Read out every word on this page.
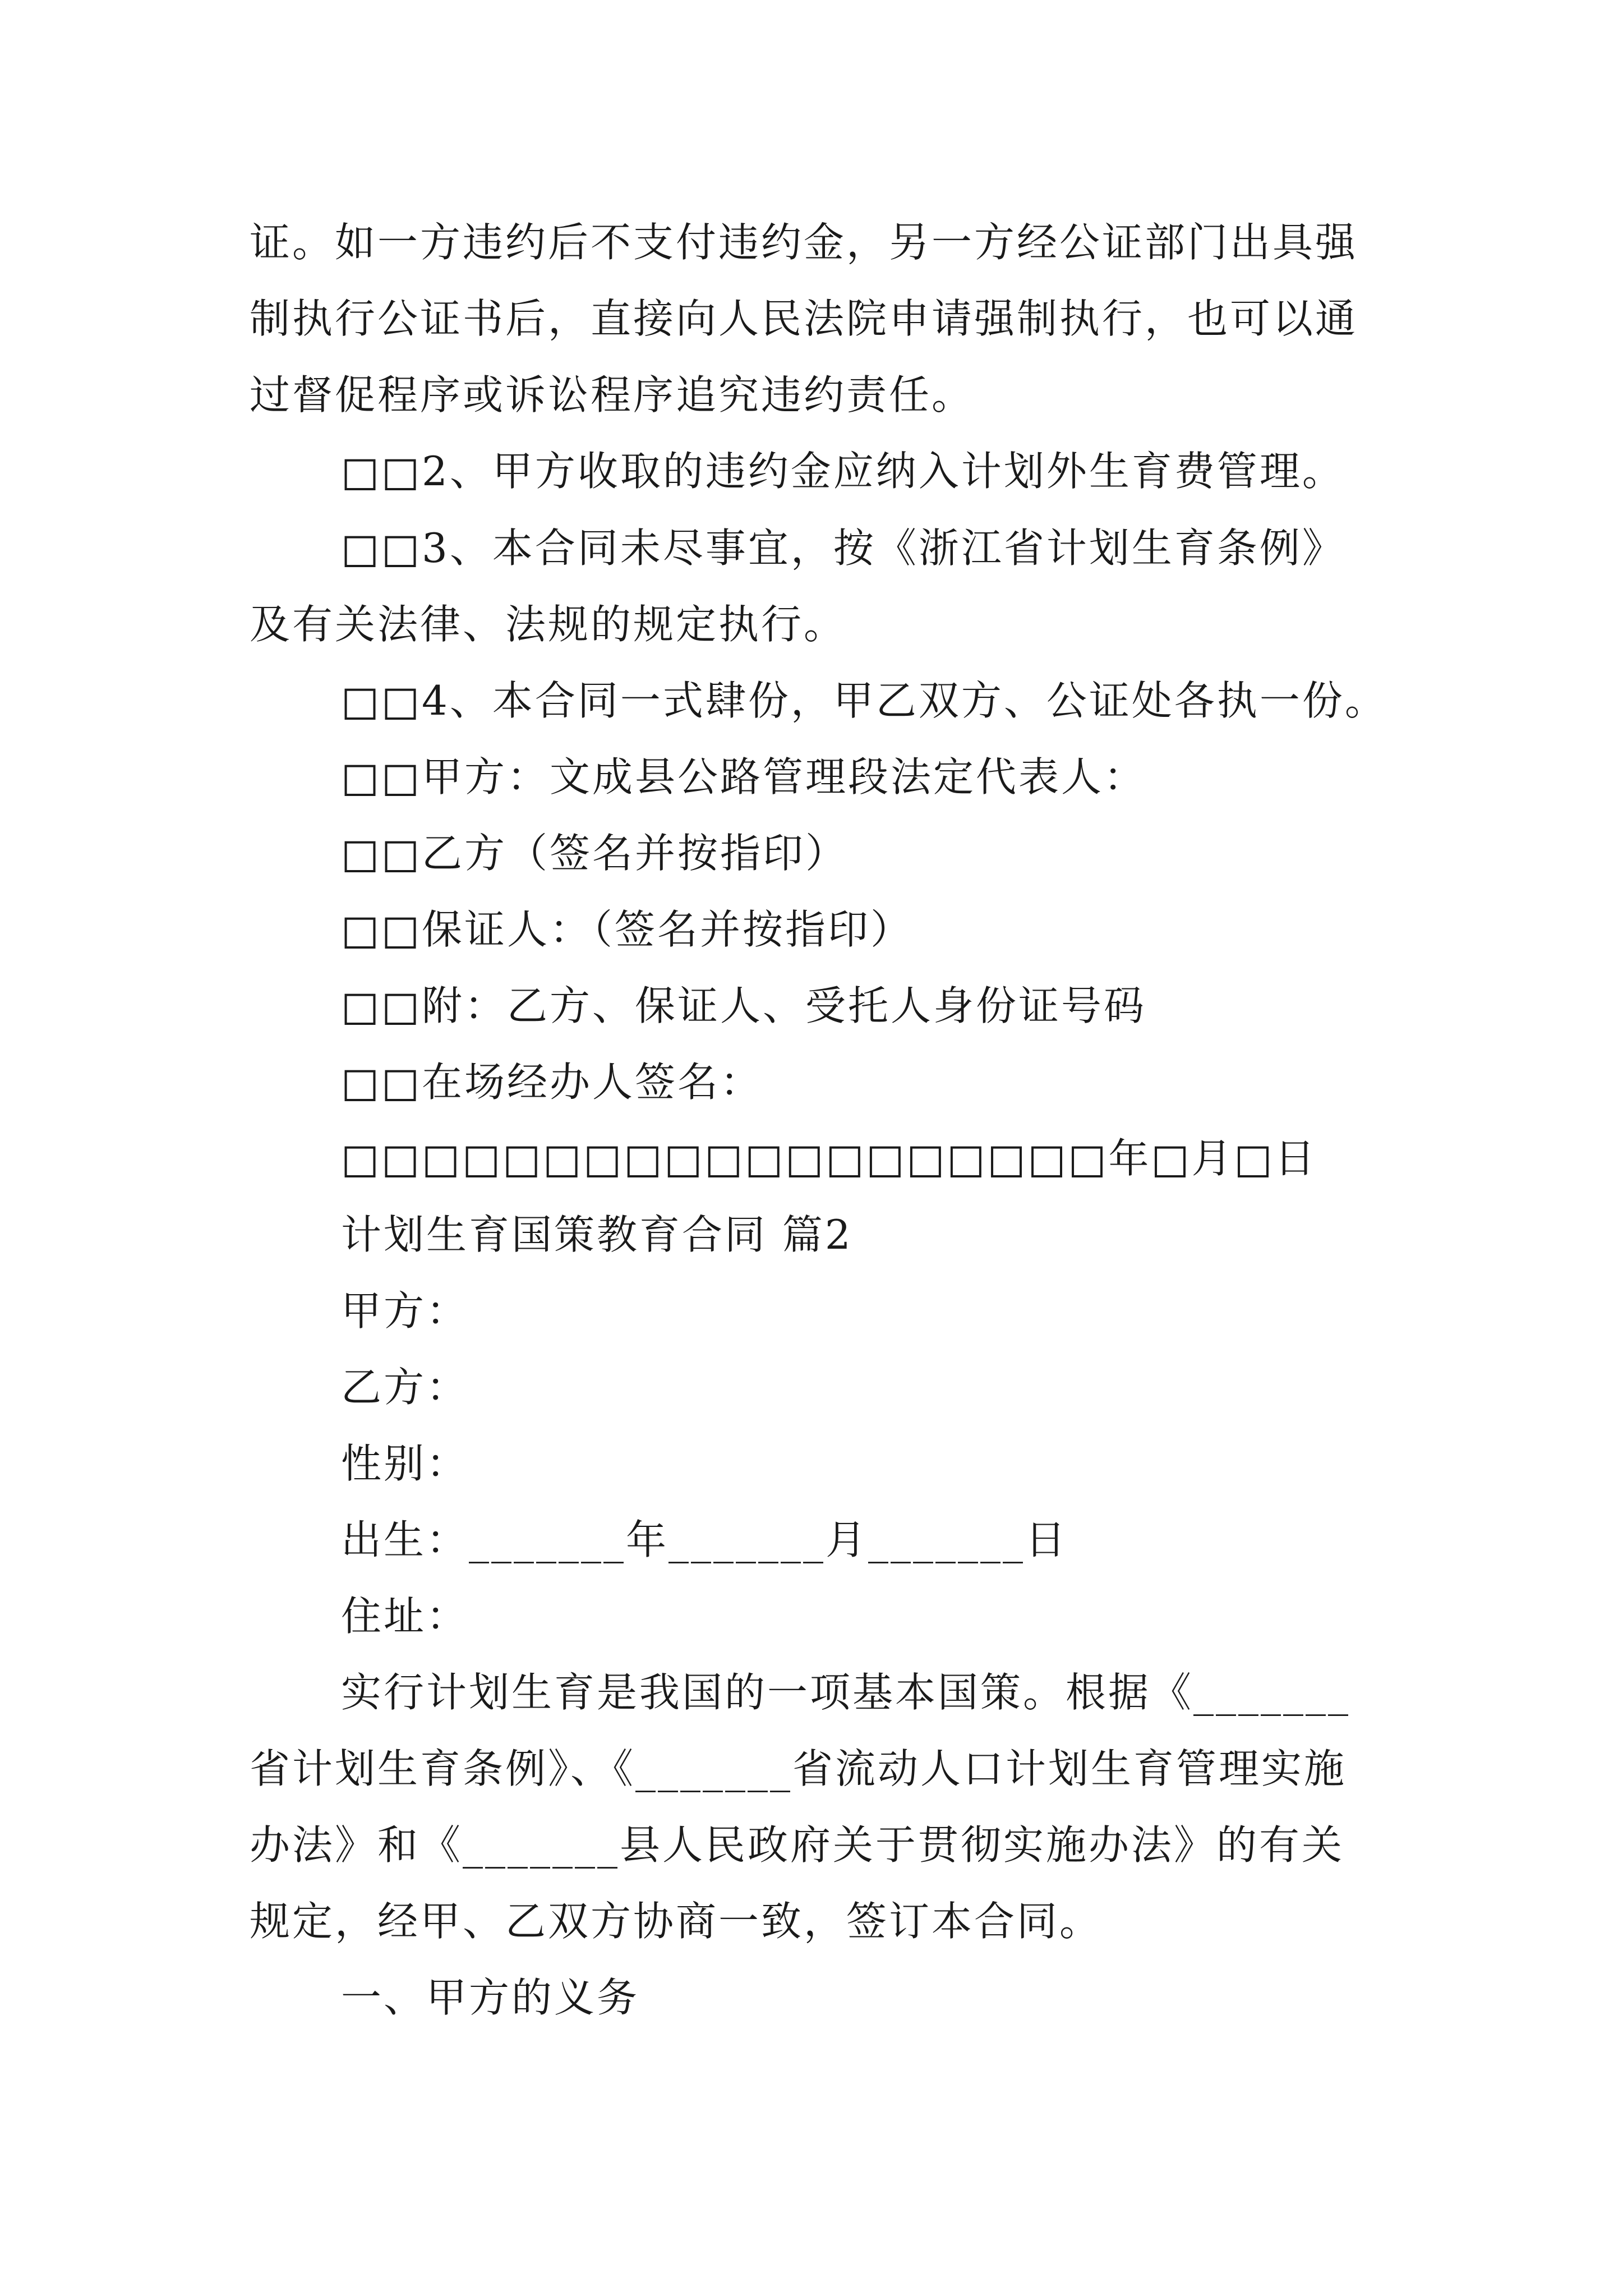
证。如一方违约后不支付违约金，另一方经公证部门出具强
制执行公证书后，直接向人民法院申请强制执行，也可以通
过督促程序或诉讼程序追究违约责任。
□□2、甲方收取的违约金应纳入计划外生育费管理。
□□3、本合同未尽事宜，按《浙江省计划生育条例》
及有关法律、法规的规定执行。
□□4、本合同一式肆份，甲乙双方、公证处各执一份。
□□甲方：文成县公路管理段法定代表人：
□□乙方（签名并按指印）
□□保证人：（签名并按指印）
□□附：乙方、保证人、受托人身份证号码
□□在场经办人签名：
□□□□□□□□□□□□□□□□□□□年□月□日
计划生育国策教育合同 篇2
甲方：
乙方：
性别：
出生：_______年_______月_______日
住址：
实行计划生育是我国的一项基本国策。根据《_______
省计划生育条例》、《_______省流动人口计划生育管理实施
办法》和《_______县人民政府关于贯彻实施办法》的有关
规定，经甲、乙双方协商一致，签订本合同。
一、甲方的义务
